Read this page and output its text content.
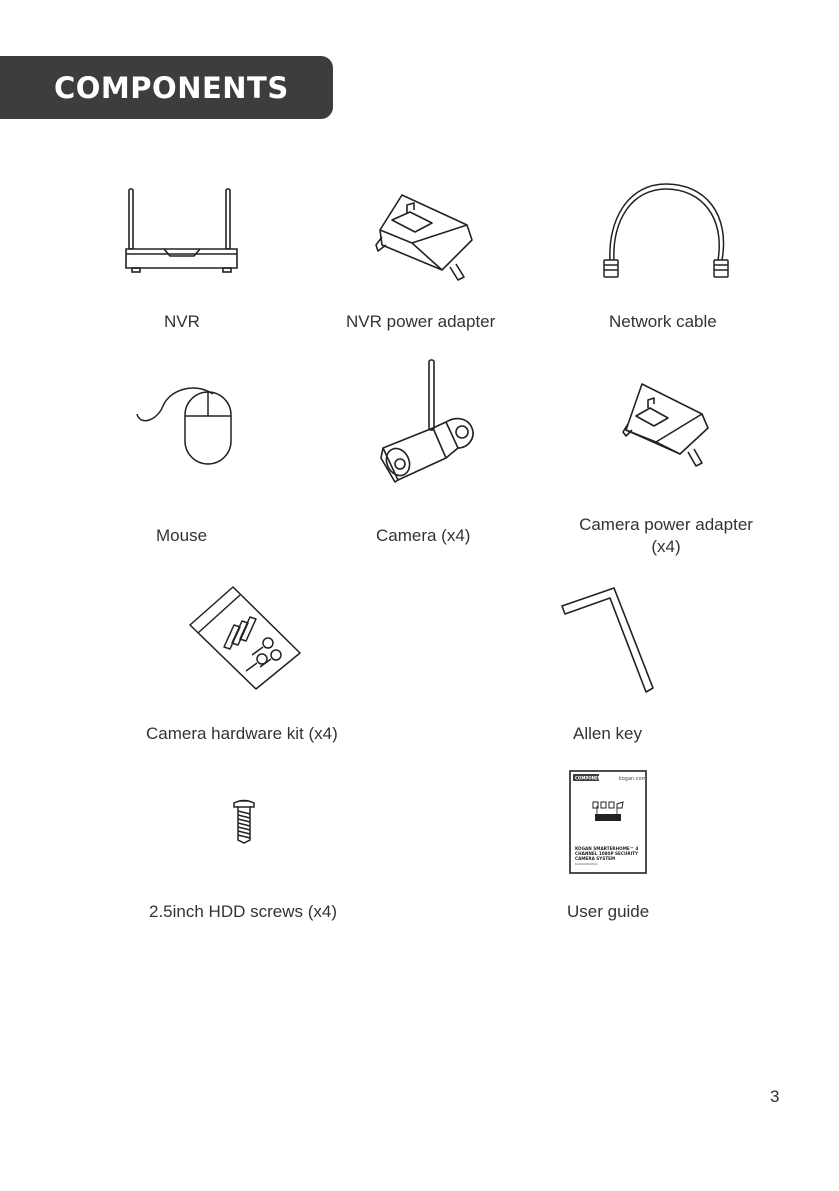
COMPONENTS
NVR	NVR power adapter	Network cable
Mouse	Camera (x4)
Camera power adapter
(x4)
Camera hardware kit (x4)	Allen key
2.5inch HDD screws (x4)
COMPONENTS kogan.com
KOGAN SMARTERHOME™ 4
CHANNEL 1080P SECURITY
CAMERA SYSTEM
KASLNVR4W2A
User guide
3
